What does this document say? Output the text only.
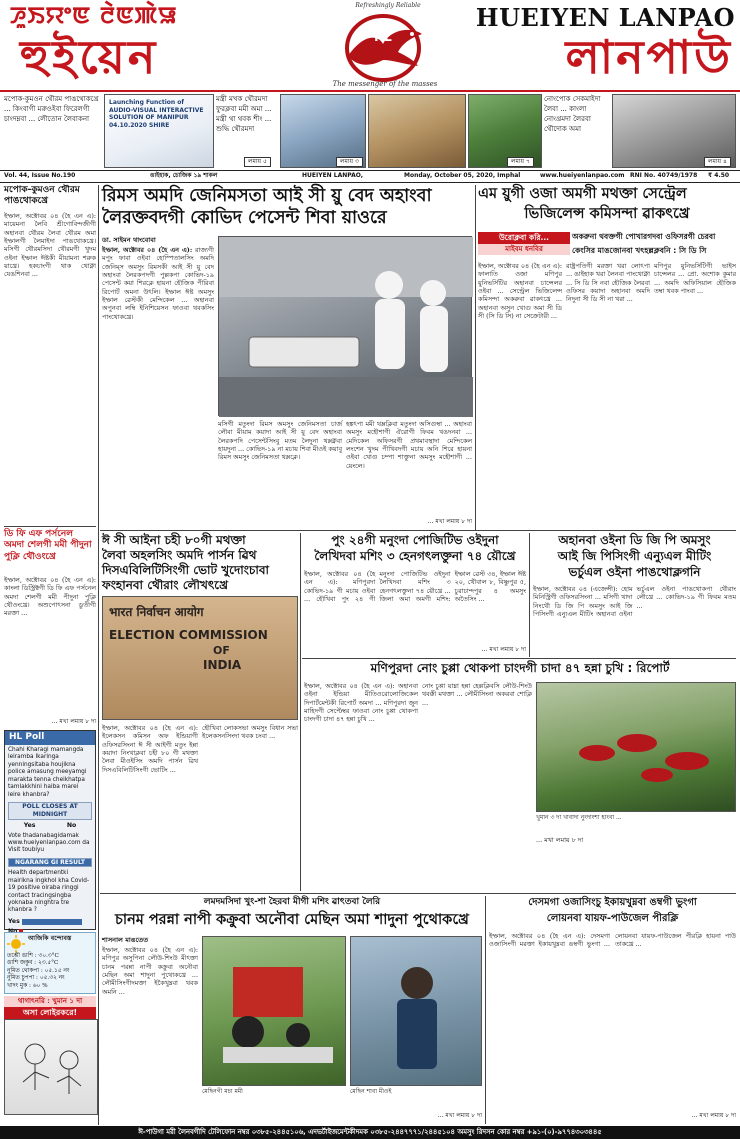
ꯍꯨꯏꯌꯦꯟ ꯂꯥꯟꯄꯥꯎ	HUEIYEN LANPAO
হুইয়েন	লানপাউ
HL
Refreshingly Reliable
The messenger of the masses
মপোক-কুমওন থৌরম পাঙথোকখ্রে ... কিংবাগী মরুওইবা ফিরেলগী চাংদম্নবা ... লৌতোন লৈবাকনা
Launching Function of AUDIO-VISUAL INTERACTIVE SOLUTION OF MANIPUR 04.10.2020 SHIRE
মন্ত্রী মখক থৌরমদা ফুরক্লবা মমী অমা ... মন্ত্রী থা থবক শীং ... শুদ্ধি থৌরমদা
লমায় ৫	লমায় ৩	লমায় ৭
নোংপোক সেকমাইদা লৈবা ... কাংলা নোংখ্রমদা লৈরবা থৌদোক অমা
লমায় ৪
Vol. 44, Issue No.190	ঙাইহাক, চোজিক ১৯ শাকল	HUEIYEN LANPAO,	Monday, October 05, 2020, Imphal	www.hueiyenlanpao.com RNI No. 40749/1978	₹ 4.50
মপোক-কুমওন থৌরম পাঙথোকখ্রে
ইম্ফাল, অক্টোবর ০৪ (হৈ এন এ): মায়েমনা লৈবি শ্রীগোবিন্দজীগী অহানবা থৌরম লৈবা থৌরম অমা ইম্ফালগী লৈমাইদা পাঙথোকখ্রে। মসিগী থৌরমসিদা থৌরমগী খুদম ওইনা ইম্ফাল ঈষ্টকী মীয়ামনা শরুক য়াখ্রে। হকচাংগী থাক থোক্না যেঙশিনবা ...
ডি ফি এফ পর্সনেল অমদা শেলগী মমী পীদুনা পুক্লি থৌওংখ্রে
ইম্ফাল, অক্টোবর ০৪ (হৈ এন এ): কাংলা ডিস্ট্রিক্টগী ডি ফি এফ পর্সনেল অমদা শেলগী মমী পীদুনা পুক্লি থৌওংখ্রে। অশুপোৎসনা ডুতীগী মরক্তা ...
... মখা লমায় ৮ দা
HL Poll
Chahi Kharagi mamangda leiramba Ikaringa yenningsitaba houjikna police amasung meeyamgi marakta tenna cheikhatpa tamlakkhini haiba marei leire khanbra?
POLL CLOSES AT MIDNIGHT
Yes	No
Vote thadanabagidamak www.hueiyenlanpao.com da Visit toubiyu
NGARANG GI RESULT
Health departmentki mairikna ingkhol kha Covid-19 positive oiraba ringgi contact tracingsingba yoknaba ninghtra tre khanbra ?
Yes
আজিকি বন্দোবস্ত
তম্ভৌ ঙাশি : ৩০.৩°C
ঙাশি জকুব : ২৩.৫°C
নুমিত থোকপা : ০৫.১৫ নং
নুমিত চুপপা : ০৫.৩২ নং
খাদং মুক : ৬০ %
থাগাৎনরি : খুমান ১ দা
অসা লোইরকরে!
রিমস অমদি জেনিমসতা আই সী য়ু বেদ অহাংবা
লৈরক্তবদগী কোভিদ পেসেন্ট শিবা য়াওরে
ডা. সাইমন থাংবোবা
ইম্ফাল, অক্টোবর ০৪ (হৈ এন এ): রাজ্যগী মপুং ফাবা ওইবা হোস্পিতালসিং অমদি জেনিম্স অমসুং রিমসকী আই সী য়ু বেদ অহাংবা লৈরকপদগী পুল্লকপা কোভিদ-১৯ পেসেন্ট কয়া শিরক্লে হায়না হৌজিক পীরিবা রিপোর্ট অমনা উৎলি। ইম্ফাল ঈষ্ট অমসুং ইম্ফাল ৱেস্টকী মেন্দিকেল ... অহানবা অপুনবা লম্বি ইনিশিয়েসন ফাওবা থবকসিং পাংথোকখ্রে।
মসিগী মতুংদা রিমস অমসুং জেনিমসতা চার্জ লৌবা মীয়াম কয়াদা আই সী য়ু বেদ অহাংবা লৈরকপদি পেসেন্টসিংবু মতম লৈদুনা থম্লক্নবা হায়দুনা ... কোভিদ-১৯ না মচায় শিবা মীওই কয়াবু রিমস অমসুং জেনিমসতা থম্লক্লে।
হঙ্কৎপা মমী থম্লক্লিবা মতুংদা অসিগুম্বা ... অহাংবা অমসুং মহৌশাগী ঐরোগী ফিবম খঙদনবা ... মেদিকেল অফিসরগী প্রথমাবস্থাদা মেন্দিকেল লংশেন খুদম পীখিবদগী মচায় অনি শিরে হায়না ওইবা খোগু চম্পা শাক্তুনা অমসুং মহৌশাগী ... য়েংলে।
... মখা লমায় ৮ দা
এম য়ুগী ওজা অমগী মথক্তা সেন্ট্রেল
ভিজিলেন্স কমিসন্দা ৱাকৎখ্রে
উরোক্লবা করি...
মাইবম ধনবির
অকরুনা থবক্তগী পোখারগদবা ওফিসরগী চেরবা
কেংসির মাঙজোনবা খৎহল্লক্লবনি : সি ডি সি
ইম্ফাল, অক্টোবর ০৪ (হৈ এন এ): ফালাতি ওজা মণিপুর য়ুনিভর্সিটির অহানবা চান্সেলর ওইবা ... সেন্ট্রেল ভিজিলেন্স কমিসন্দা অকরুবা ৱাকৎখ্রে ... অহানবা অসুন খোগু অমা সী ডি সী (সি ডি সি) না সেক্রেটারী ...
রাষ্ট্রপতিগী মরক্তা খরা লোৎপা ... ঙাইহাক খরা লৈনবা পাংথোক্না ... সি ডি সি নবা হৌজিক লৈরবা ওফিসর কয়াদা অহানবা অমদি নিদুনা সী ডি সী না খরা ...
মণিপুর য়ুনিভর্সিটিগী ভাইস চান্সেলর ... প্রো. অশোক কুমার ... অমদি অফিসিয়াল হৌজিক তম্বা থবক পাংবা ...
ঈ সী আইনা চহী ৮০গী মথক্তা
লৈবা অহলসিং অমদি পার্সন ৱিথ
দিসএবিলিটিসিংগী ভোট খুদোংচাবা
ফংহানবা থৌরাং লৌখৎখ্রে
भारत निर्वाचन आयोग
ELECTION COMMISSION
OF
INDIA
ইম্ফাল, অক্টোবর ০৪ (হৈ এন এ): ইলেকসন কমিসন অফ ইন্ডিয়াগী ওফিসরসিংনা ঈ সী আইগী মতুং ইন্না কয়াদা নিংখাক্লবা চহী ৮০ গী মথক্তা লৈবা মীওইসিং অমদি পার্সন ৱিথ দিসএবিলিটিসিংগী ভোটিং ...
হৌখিবা লোকসভা অমসুং বিধান সভা ইলেকসনসিংদা থবক চংবা ...
পুং ২৪গী মনুংদা পোজিটিভ ওইদুনা
লৈখিদবা মশিং ৩ হেনগৎলক্তুনা ৭৪ য়ৌখ্রে
ইম্ফাল, অক্টোবর ০৪ (হৈ এন এ): মণিপুরদা কোভিদ-১৯ গী মচায় ওইবা ... হৌখিবা পুং ২৪ গী মনুংদা পোজিটিভ ওইদুনা লৈখিদবা মশিং ৩ হেনগৎলক্তুনা ৭৪ য়ৌখ্রে ... জিলা অমা অমগী মশিং: ইম্ফাল ৱেস্ট ৩৪, ইম্ফাল ঈষ্ট ২০, থৌবাল ৮, বিষ্ণুপুর ৫, চুরাচান্দপুর ৪ অমসুং অতৈসিং ...
... মখা লমায় ৮ দা
অহানবা ওইনা ডি জি পি অমসুং
আই জি পিসিংগী এন্যুএল মীটিং
ভর্চুএল ওইনা পাঙথোক্লগনি
ইম্ফাল, অক্টোবর ০৪ (এজেন্সী): হোম মিনিস্ট্রিগী ওফিসরসিংনা ... মসিগী থাদা নিংথৌ ডি জি পি অমসুং আই জি পিসিংগী এন্যুএল মীটিং অহানবা ওইনা ভর্চুএল ওইনা পাঙথোকপা থৌরাং লৌখ্রে ... কোভিদ-১৯ গী ফিবম মতম ...
মণিপুরদা নোং চুপ্পা থোকপা চাংদগী চাদা ৪৭ হন্না চুখি : রিপোর্ট
ইম্ফাল, অক্টোবর ০৪ (হৈ এন এ): অহানবা ওইনা ইন্ডিয়া মীতিওরোলোজিকেল দিপার্টমেন্টকী রিপোর্ট অমদা ... মণিপুরদা জুন মাহিদগী সেপ্টেম্বর ফাওবা নোং চুপ্পা থোকপা চাংদগী চাদা ৪৭ হন্না চুখি ...
নোং চুপ্পা য়াম্না হন্না হেল্লক্লিবসি লৌউ-শিংউ থবক্কী মথক্তা ... লৌমীসিংনা অকরবা শোক্লি ...
খুমান ৩ দা খাবাদা নুংদাংশা হাংবা ...
... মখা লমায় ৮ দা
লমদমসিদা খুং-শা হৈরবা মীগী মশিং ৱাৎতবা লৈরি
চানম পরন্না নাপী কক্রুবা অনৌবা মেছিন অমা শাদুনা পুথোকখ্রে
শাসনাল মাঙতেত
ইম্ফাল, অক্টোবর ০৪ (হৈ এন এ): মণিপুর অসুপিনা লৌউ-শিংউ মীৎক্তা চানম পরন্না নাপী কক্রুবা অনৌবা মেছিন অমা শাদুনা পুথোকখ্রে ... লৌমীসিংগীদমক্তা ইকৈখুম্নবা থবক অমনি ...
মেছিনগী মচা মমী	মেছিন শাবা মীওই
... মখা লমায় ৮ দা
দেসমগা ওজাসিংচু ইকায়খুম্নবা ঙম্বগী ভুংগা
লোয়নবা যায়ফ-পাউজেল পীরক্লি
ইম্ফাল, অক্টোবর ০৪ (হৈ এন এ): দেসমগা ওজাসিংগী মরক্তা ইকায়খুম্নবা ঙম্বগী ভুংগা ... লোয়নবা যায়ফ-পাউজেল পীরক্লি হায়না পাউ তাকখ্রে ...
... মখা লমায় ৮ দা
ঈ-পাউগা মরী লৈনবগীদি টেলিফোন নম্বর ০৩৮৫-২৪৪৫১০৬, এদভর্টাইজমেন্টকীদমক ০৩৮৫-২৪৪৭৭৭১/২৪৪৫১০৪ অমসুং রিদসন কোর নম্বর +৯১-(০)-৯৭৭৪৩০৩৪৪৫
